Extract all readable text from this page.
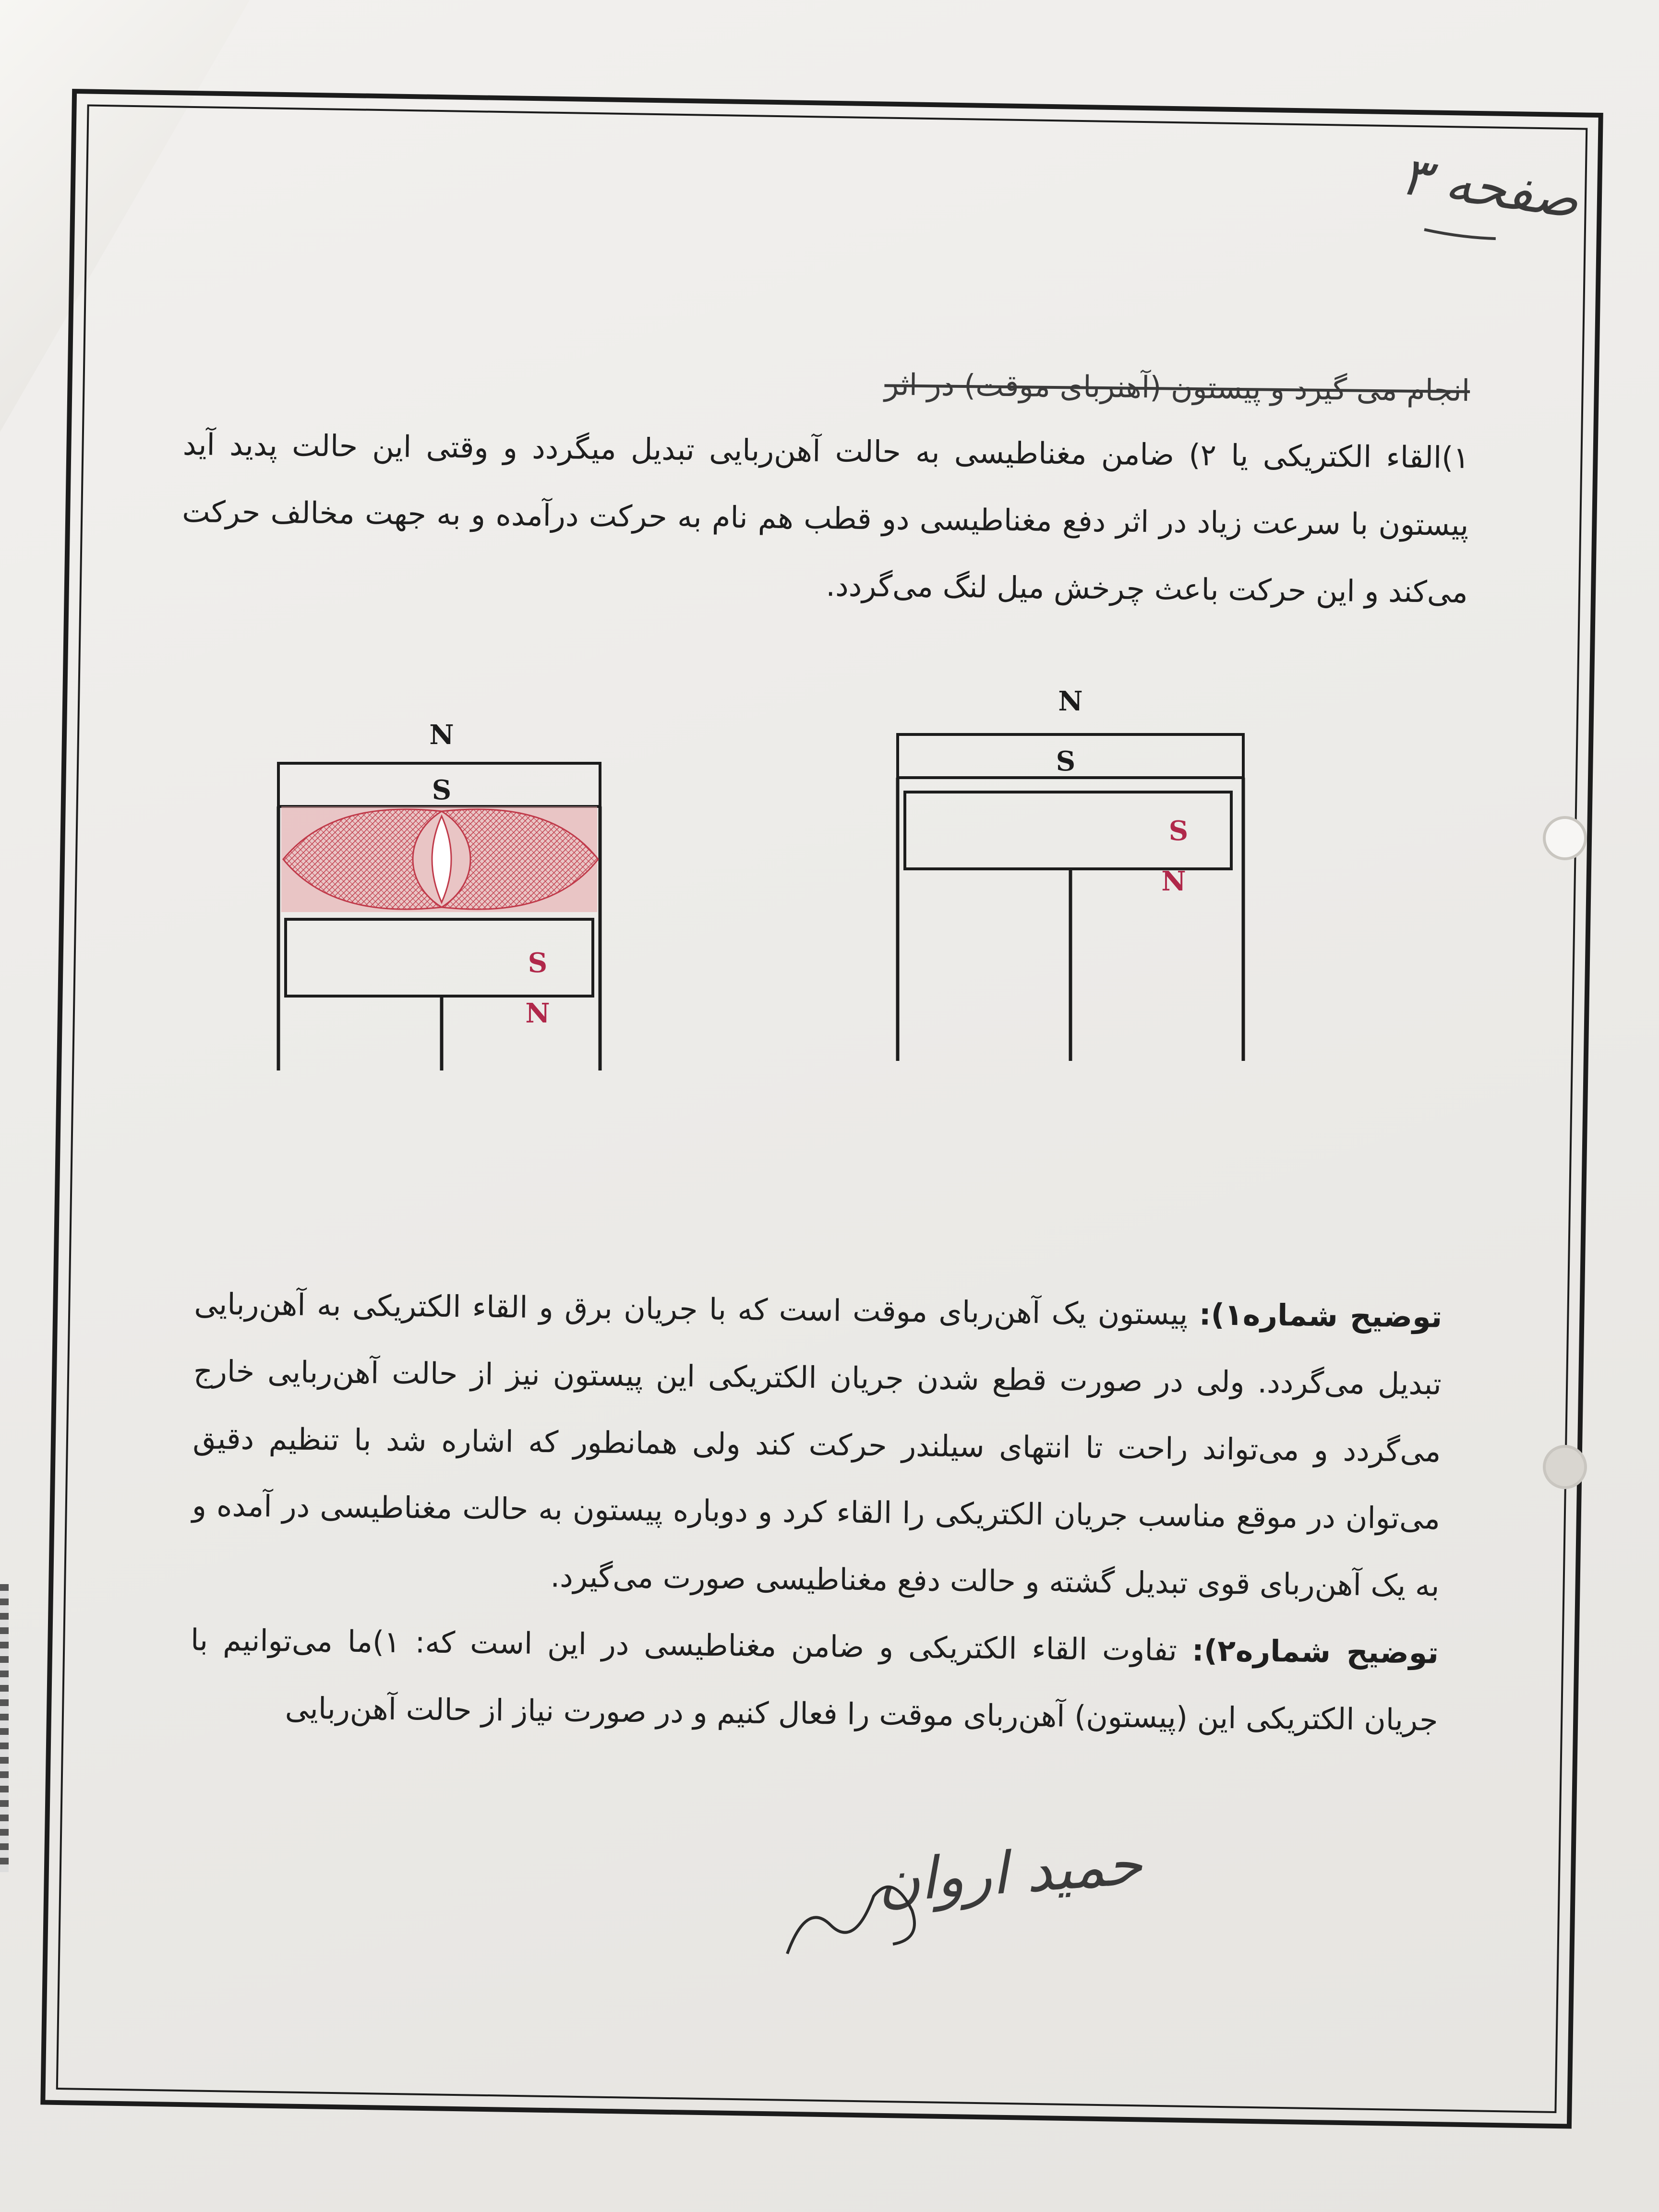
صفحه ۳

انجام می گیرد و پیستون (آهنربای موقت) در اثر

۱)القاء الکتریکی یا ۲) ضامن مغناطیسی به حالت آهن‌ربایی تبدیل میگردد و وقتی این حالت پدید آید پیستون با سرعت زیاد در اثر دفع مغناطیسی دو قطب هم نام به حرکت درآمده و به جهت مخالف حرکت می‌کند و این حرکت باعث چرخش میل لنگ می‌گردد.

N
S
S
N
N
S
S
N

توضیح شماره۱): پیستون یک آهن‌ربای موقت است که با جریان برق و القاء الکتریکی به آهن‌ربایی تبدیل می‌گردد. ولی در صورت قطع شدن جریان الکتریکی این پیستون نیز از حالت آهن‌ربایی خارج می‌گردد و می‌تواند راحت تا انتهای سیلندر حرکت کند ولی همانطور که اشاره شد با تنظیم دقیق می‌توان در موقع مناسب جریان الکتریکی را القاء کرد و دوباره پیستون به حالت مغناطیسی در آمده و به یک آهن‌ربای قوی تبدیل گشته و حالت دفع مغناطیسی صورت می‌گیرد.

توضیح شماره۲): تفاوت القاء الکتریکی و ضامن مغناطیسی در این است که: ۱)ما می‌توانیم با جریان الکتریکی این (پیستون) آهن‌ربای موقت را فعال کنیم و در صورت نیاز از حالت آهن‌ربایی

حمید اروان
